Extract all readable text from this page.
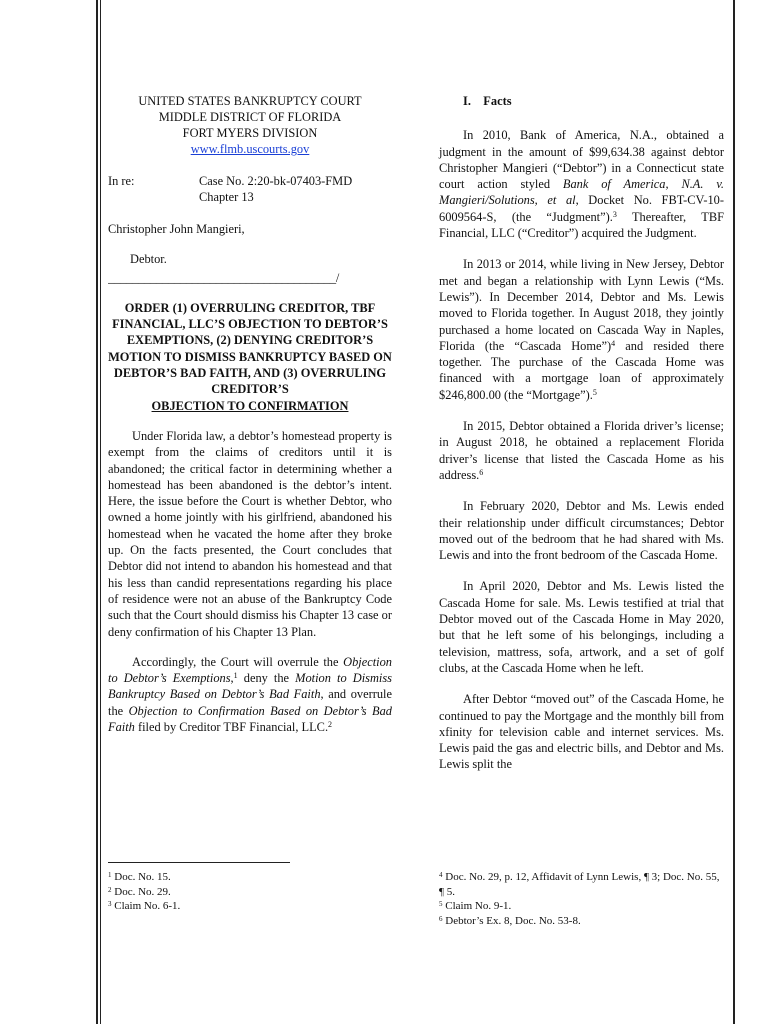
UNITED STATES BANKRUPTCY COURT
MIDDLE DISTRICT OF FLORIDA
FORT MYERS DIVISION
www.flmb.uscourts.gov
In re:	Case No. 2:20-bk-07403-FMD
Chapter 13
Christopher John Mangieri,
Debtor.
______________________________________/
ORDER (1) OVERRULING CREDITOR, TBF FINANCIAL, LLC’S OBJECTION TO DEBTOR’S EXEMPTIONS, (2) DENYING CREDITOR’S MOTION TO DISMISS BANKRUPTCY BASED ON DEBTOR’S BAD FAITH, AND (3) OVERRULING CREDITOR’S
OBJECTION TO CONFIRMATION

Under Florida law, a debtor’s homestead property is exempt from the claims of creditors until it is abandoned; the critical factor in determining whether a homestead has been abandoned is the debtor’s intent. Here, the issue before the Court is whether Debtor, who owned a home jointly with his girlfriend, abandoned his homestead when he vacated the home after they broke up. On the facts presented, the Court concludes that Debtor did not intend to abandon his homestead and that his less than candid representations regarding his place of residence were not an abuse of the Bankruptcy Code such that the Court should dismiss his Chapter 13 case or deny confirmation of his Chapter 13 Plan.

Accordingly, the Court will overrule the Objection to Debtor’s Exemptions,$^1$ deny the Motion to Dismiss Bankruptcy Based on Debtor’s Bad Faith, and overrule the Objection to Confirmation Based on Debtor’s Bad Faith filed by Creditor TBF Financial, LLC.$^2$

I. Facts

In 2010, Bank of America, N.A., obtained a judgment in the amount of $99,634.38 against debtor Christopher Mangieri (“Debtor”) in a Connecticut state court action styled Bank of America, N.A. v. Mangieri/Solutions, et al, Docket No. FBT-CV-10-6009564-S, (the “Judgment”).$^3$ Thereafter, TBF Financial, LLC (“Creditor”) acquired the Judgment.

In 2013 or 2014, while living in New Jersey, Debtor met and began a relationship with Lynn Lewis (“Ms. Lewis”). In December 2014, Debtor and Ms. Lewis moved to Florida together. In August 2018, they jointly purchased a home located on Cascada Way in Naples, Florida (the “Cascada Home”)$^4$ and resided there together. The purchase of the Cascada Home was financed with a mortgage loan of approximately $246,800.00 (the “Mortgage”).$^5$

In 2015, Debtor obtained a Florida driver’s license; in August 2018, he obtained a replacement Florida driver’s license that listed the Cascada Home as his address.$^6$

In February 2020, Debtor and Ms. Lewis ended their relationship under difficult circumstances; Debtor moved out of the bedroom that he had shared with Ms. Lewis and into the front bedroom of the Cascada Home.

In April 2020, Debtor and Ms. Lewis listed the Cascada Home for sale. Ms. Lewis testified at trial that Debtor moved out of the Cascada Home in May 2020, but that he left some of his belongings, including a television, mattress, sofa, artwork, and a set of golf clubs, at the Cascada Home when he left.

After Debtor “moved out” of the Cascada Home, he continued to pay the Mortgage and the monthly bill from xfinity for television cable and internet services. Ms. Lewis paid the gas and electric bills, and Debtor and Ms. Lewis split the

$^1$ Doc. No. 15.
$^2$ Doc. No. 29.
$^3$ Claim No. 6-1.
$^4$ Doc. No. 29, p. 12, Affidavit of Lynn Lewis, ¶ 3; Doc. No. 55, ¶ 5.
$^5$ Claim No. 9-1.
$^6$ Debtor’s Ex. 8, Doc. No. 53-8.
